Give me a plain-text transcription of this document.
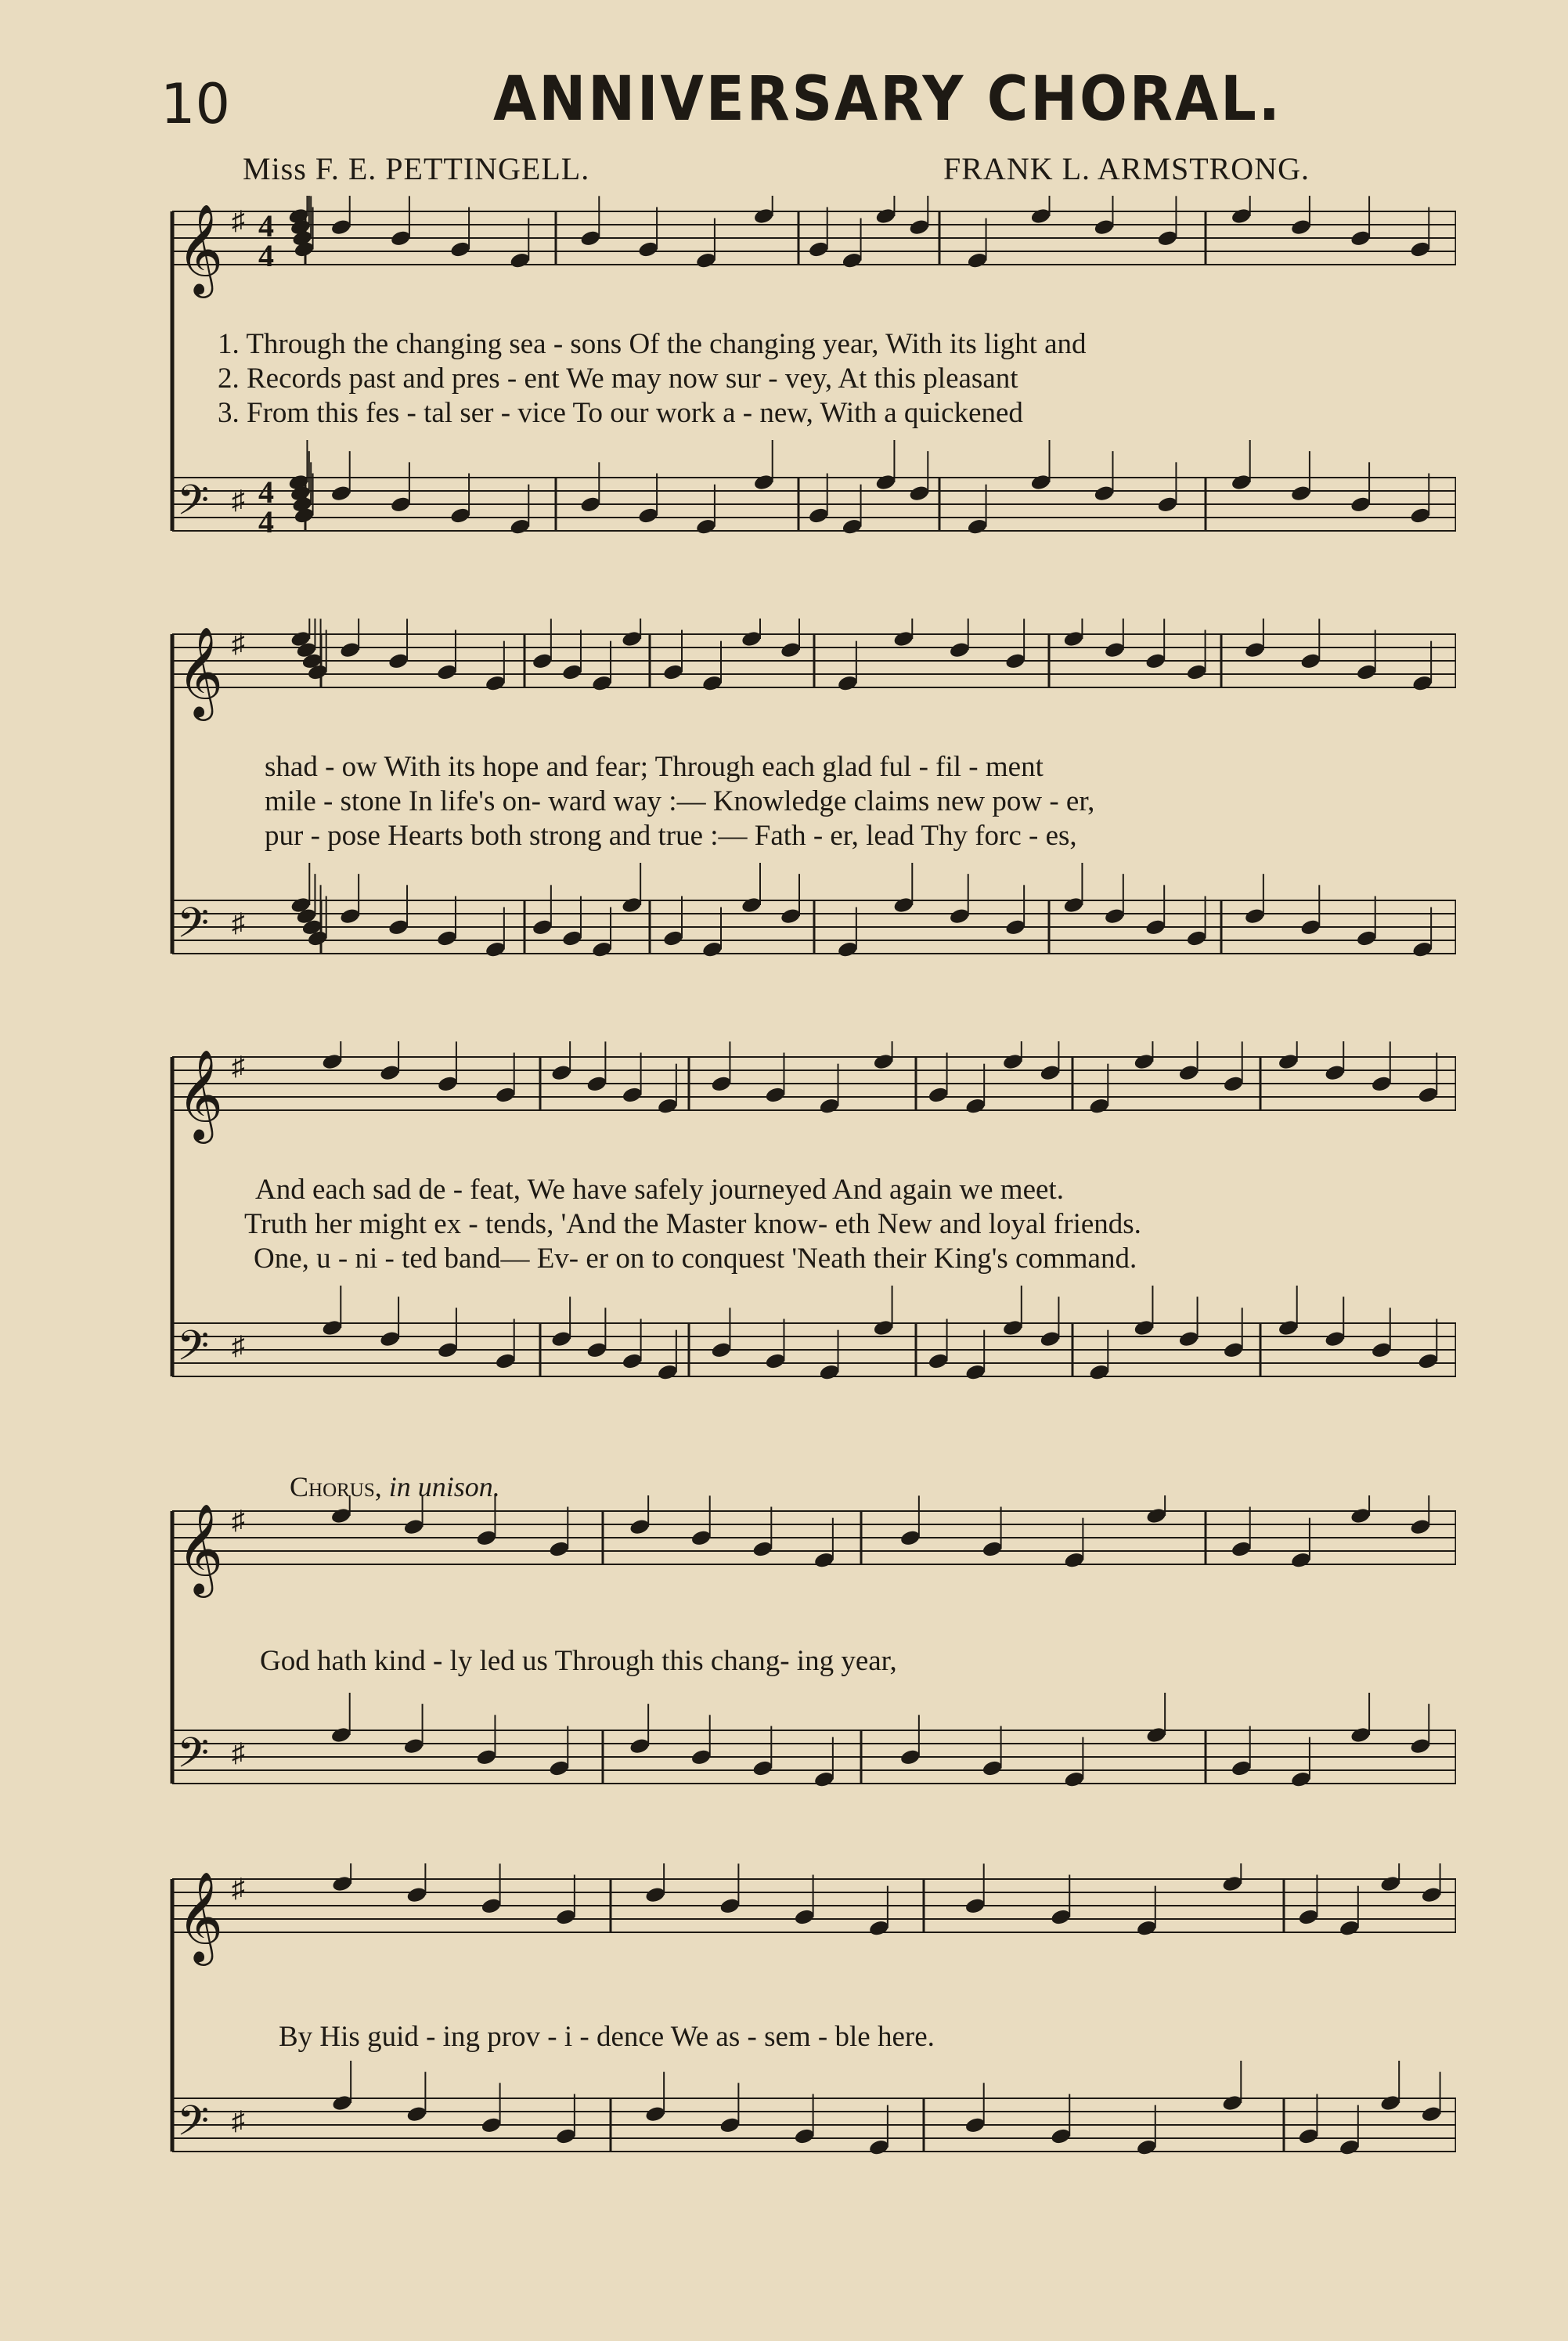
10	ANNIVERSARY CHORAL.
Miss F. E. PETTINGELL.	FRANK L. ARMSTRONG.
𝄞 ♯ 4
4
𝄢 ♯ 4
4
1. Through the changing sea - sons Of the changing year, With its light and
2. Records past and pres - ent We may now sur - vey, At this pleasant
3. From this fes - tal ser - vice To our work a - new, With a quickened
𝄞 ♯
𝄢 ♯
shad - ow With its hope and fear; Through each glad ful - fil - ment
mile - stone In life's on- ward way :— Knowledge claims new pow - er,
pur - pose Hearts both strong and true :— Fath - er, lead Thy forc - es,
𝄞 ♯
𝄢 ♯
And each sad de - feat, We have safely journeyed And again we meet.
Truth her might ex - tends, 'And the Master know- eth New and loyal friends.
One, u - ni - ted band— Ev- er on to conquest 'Neath their King's command.
Chorus, in unison.
𝄞 ♯
𝄢 ♯
God hath kind - ly led us Through this chang- ing year,
𝄞 ♯
𝄢 ♯
By His guid - ing prov - i - dence We as - sem - ble here.
